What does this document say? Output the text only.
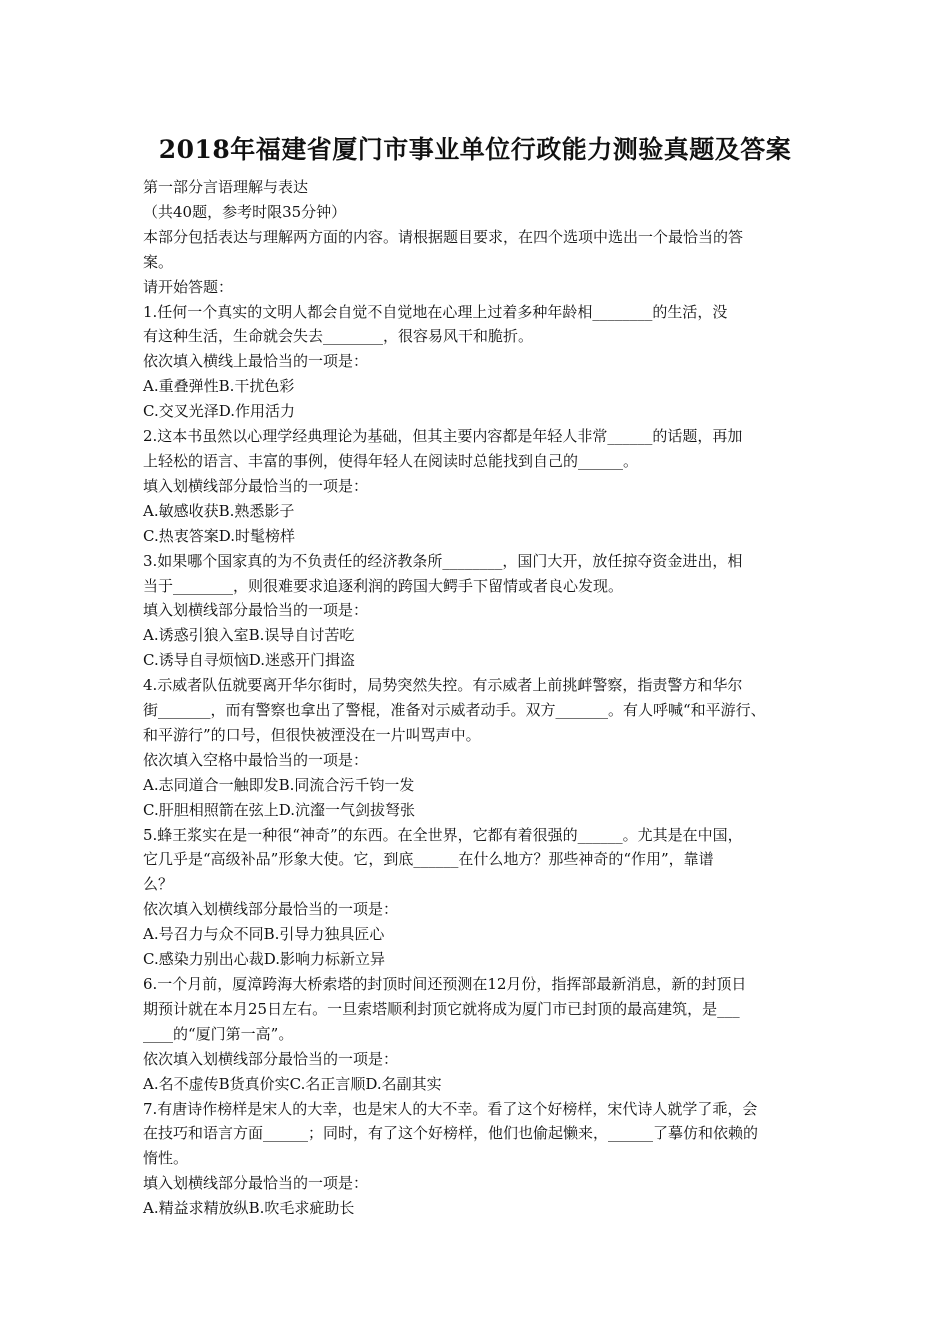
2018年福建省厦门市事业单位行政能力测验真题及答案
第一部分言语理解与表达
（共40题，参考时限35分钟）
本部分包括表达与理解两方面的内容。请根据题目要求，在四个选项中选出一个最恰当的答
案。
请开始答题：
1.任何一个真实的文明人都会自觉不自觉地在心理上过着多种年龄相________的生活，没
有这种生活，生命就会失去________，很容易风干和脆折。
依次填入横线上最恰当的一项是：
A.重叠弹性B.干扰色彩
C.交叉光泽D.作用活力
2.这本书虽然以心理学经典理论为基础，但其主要内容都是年轻人非常______的话题，再加
上轻松的语言、丰富的事例，使得年轻人在阅读时总能找到自己的______。
填入划横线部分最恰当的一项是：
A.敏感收获B.熟悉影子
C.热衷答案D.时髦榜样
3.如果哪个国家真的为不负责任的经济教条所________，国门大开，放任掠夺资金进出，相
当于________，则很难要求追逐利润的跨国大鳄手下留情或者良心发现。
填入划横线部分最恰当的一项是：
A.诱惑引狼入室B.误导自讨苦吃
C.诱导自寻烦恼D.迷惑开门揖盗
4.示威者队伍就要离开华尔街时，局势突然失控。有示威者上前挑衅警察，指责警方和华尔
街_______，而有警察也拿出了警棍，准备对示威者动手。双方_______。有人呼喊“和平游行、
和平游行”的口号，但很快被湮没在一片叫骂声中。
依次填入空格中最恰当的一项是：
A.志同道合一触即发B.同流合污千钧一发
C.肝胆相照箭在弦上D.沆瀣一气剑拔弩张
5.蜂王浆实在是一种很“神奇”的东西。在全世界，它都有着很强的______。尤其是在中国，
它几乎是“高级补品”形象大使。它，到底______在什么地方？那些神奇的“作用”，靠谱
么？
依次填入划横线部分最恰当的一项是：
A.号召力与众不同B.引导力独具匠心
C.感染力别出心裁D.影响力标新立异
6.一个月前，厦漳跨海大桥索塔的封顶时间还预测在12月份，指挥部最新消息，新的封顶日
期预计就在本月25日左右。一旦索塔顺利封顶它就将成为厦门市已封顶的最高建筑，是___
____的“厦门第一高”。
依次填入划横线部分最恰当的一项是：
A.名不虚传B货真价实C.名正言顺D.名副其实
7.有唐诗作榜样是宋人的大幸，也是宋人的大不幸。看了这个好榜样，宋代诗人就学了乖，会
在技巧和语言方面______；同时，有了这个好榜样，他们也偷起懒来，______了摹仿和依赖的
惰性。
填入划横线部分最恰当的一项是：
A.精益求精放纵B.吹毛求疵助长
